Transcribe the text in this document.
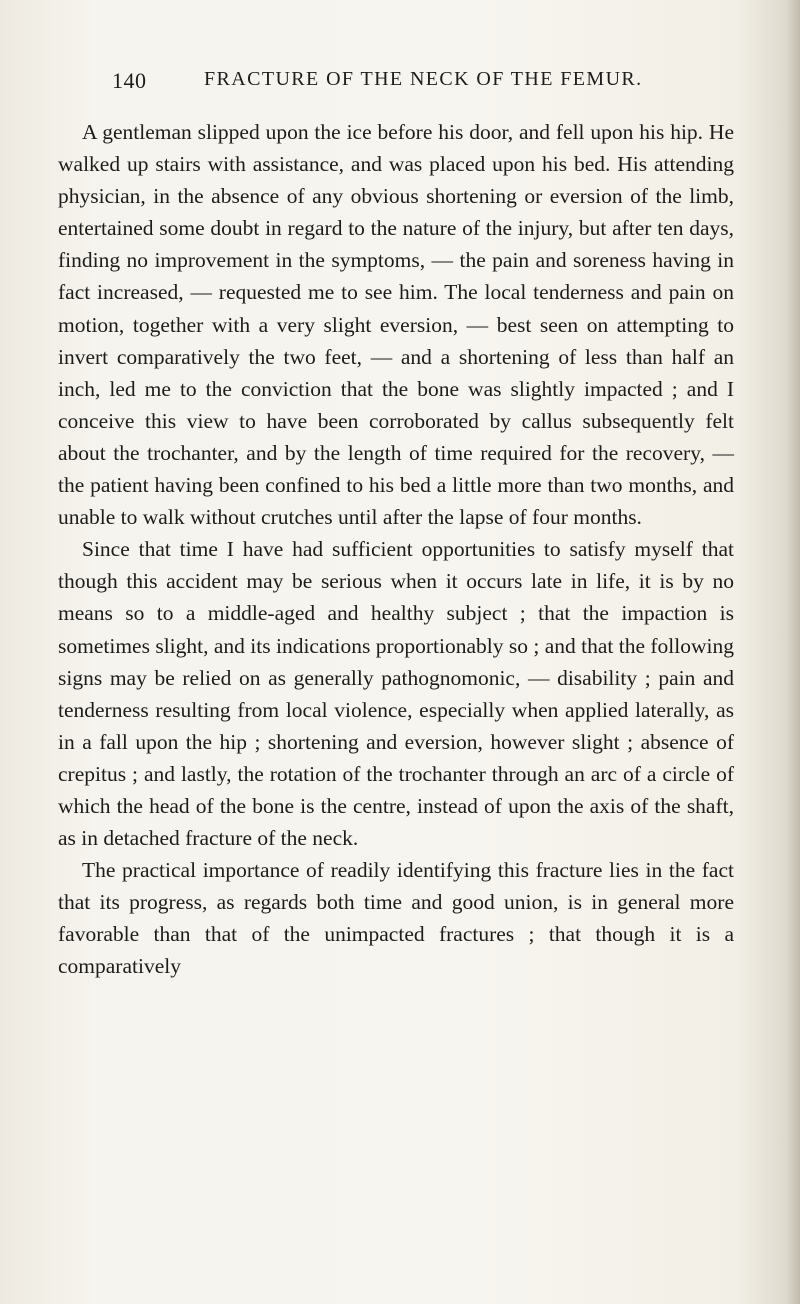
140	FRACTURE OF THE NECK OF THE FEMUR.

A gentleman slipped upon the ice before his door, and fell upon his hip. He walked up stairs with assistance, and was placed upon his bed. His attending physician, in the absence of any obvious shortening or eversion of the limb, entertained some doubt in regard to the nature of the injury, but after ten days, finding no improvement in the symptoms, — the pain and soreness having in fact increased, — requested me to see him. The local tenderness and pain on motion, together with a very slight eversion, — best seen on attempting to invert comparatively the two feet, — and a shortening of less than half an inch, led me to the conviction that the bone was slightly impacted ; and I conceive this view to have been corroborated by callus subsequently felt about the trochanter, and by the length of time required for the recovery, — the patient having been confined to his bed a little more than two months, and unable to walk without crutches until after the lapse of four months.

Since that time I have had sufficient opportunities to satisfy myself that though this accident may be serious when it occurs late in life, it is by no means so to a middle-aged and healthy subject ; that the impaction is sometimes slight, and its indications proportionably so ; and that the following signs may be relied on as generally pathognomonic, — disability ; pain and tenderness resulting from local violence, especially when applied laterally, as in a fall upon the hip ; shortening and eversion, however slight ; absence of crepitus ; and lastly, the rotation of the trochanter through an arc of a circle of which the head of the bone is the centre, instead of upon the axis of the shaft, as in detached fracture of the neck.

The practical importance of readily identifying this fracture lies in the fact that its progress, as regards both time and good union, is in general more favorable than that of the unimpacted fractures ; that though it is a comparatively
